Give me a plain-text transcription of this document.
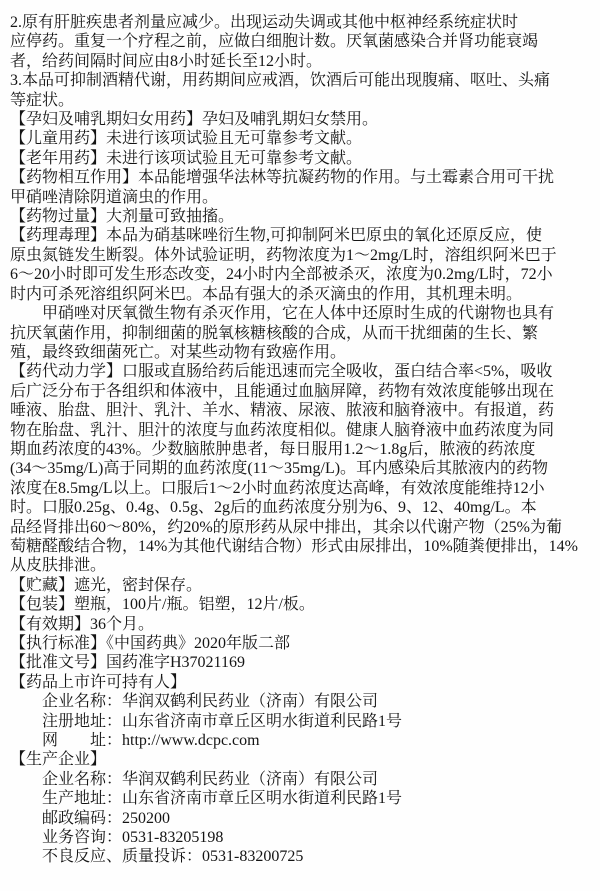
2.原有肝脏疾患者剂量应减少。出现运动失调或其他中枢神经系统症状时
应停药。重复一个疗程之前，应做白细胞计数。厌氧菌感染合并肾功能衰竭
者，给药间隔时间应由8小时延长至12小时。
3.本品可抑制酒精代谢，用药期间应戒酒，饮酒后可能出现腹痛、呕吐、头痛
等症状。
【孕妇及哺乳期妇女用药】孕妇及哺乳期妇女禁用。
【儿童用药】未进行该项试验且无可靠参考文献。
【老年用药】未进行该项试验且无可靠参考文献。
【药物相互作用】本品能增强华法林等抗凝药物的作用。与土霉素合用可干扰
甲硝唑清除阴道滴虫的作用。
【药物过量】大剂量可致抽搐。
【药理毒理】本品为硝基咪唑衍生物,可抑制阿米巴原虫的氧化还原反应，使
原虫氮链发生断裂。体外试验证明，药物浓度为1～2mg/L时，溶组织阿米巴于
6～20小时即可发生形态改变，24小时内全部被杀灭，浓度为0.2mg/L时，72小
时内可杀死溶组织阿米巴。本品有强大的杀灭滴虫的作用，其机理未明。
　　甲硝唑对厌氧微生物有杀灭作用，它在人体中还原时生成的代谢物也具有
抗厌氧菌作用，抑制细菌的脱氧核糖核酸的合成，从而干扰细菌的生长、繁
殖，最终致细菌死亡。对某些动物有致癌作用。
【药代动力学】口服或直肠给药后能迅速而完全吸收，蛋白结合率<5%，吸收
后广泛分布于各组织和体液中，且能通过血脑屏障，药物有效浓度能够出现在
唾液、胎盘、胆汁、乳汁、羊水、精液、尿液、脓液和脑脊液中。有报道，药
物在胎盘、乳汁、胆汁的浓度与血药浓度相似。健康人脑脊液中血药浓度为同
期血药浓度的43%。少数脑脓肿患者，每日服用1.2～1.8g后，脓液的药浓度
(34～35mg/L)高于同期的血药浓度(11～35mg/L)。耳内感染后其脓液内的药物
浓度在8.5mg/L以上。口服后1～2小时血药浓度达高峰，有效浓度能维持12小
时。口服0.25g、0.4g、0.5g、2g后的血药浓度分别为6、9、12、40mg/L。本
品经肾排出60～80%，约20%的原形药从尿中排出，其余以代谢产物（25%为葡
萄糖醛酸结合物，14%为其他代谢结合物）形式由尿排出，10%随粪便排出，14%
从皮肤排泄。
【贮藏】遮光，密封保存。
【包装】塑瓶，100片/瓶。铝塑，12片/板。
【有效期】36个月。
【执行标准】《中国药典》2020年版二部
【批准文号】国药准字H37021169
【药品上市许可持有人】
　　企业名称：华润双鹤利民药业（济南）有限公司
　　注册地址：山东省济南市章丘区明水街道利民路1号
　　网　　址：http://www.dcpc.com
【生产企业】
　　企业名称：华润双鹤利民药业（济南）有限公司
　　生产地址：山东省济南市章丘区明水街道利民路1号
　　邮政编码：250200
　　业务咨询：0531-83205198
　　不良反应、质量投诉：0531-83200725
